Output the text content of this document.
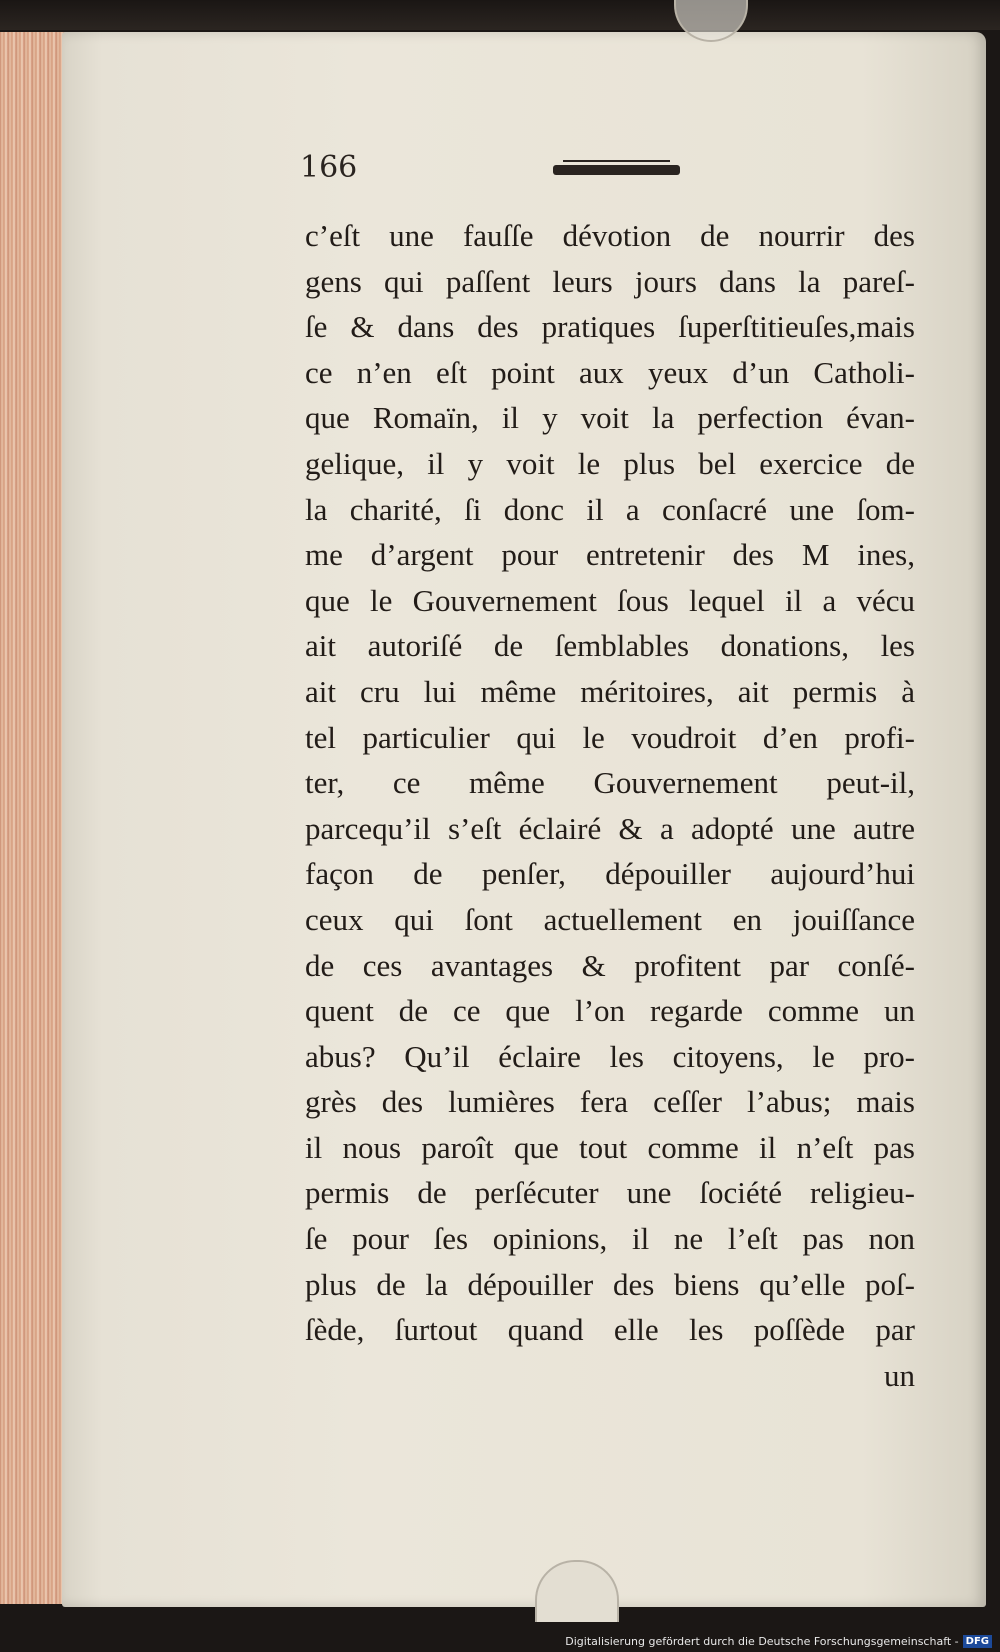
166
c’eſt une fauſſe dévotion de nourrir des
gens qui paſſent leurs jours dans la pareſ-
ſe & dans des pratiques ſuperſtitieuſes,mais
ce n’en eſt point aux yeux d’un Catholi-
que Romaïn, il y voit la perfection évan-
gelique, il y voit le plus bel exercice de
la charité, ſi donc il a conſacré une ſom-
me d’argent pour entretenir des M ines,
que le Gouvernement ſous lequel il a vécu
ait autoriſé de ſemblables donations, les
ait cru lui même méritoires, ait permis à
tel particulier qui le voudroit d’en profi-
ter, ce même Gouvernement peut-il,
parcequ’il s’eſt éclairé & a adopté une autre
façon de penſer, dépouiller aujourd’hui
ceux qui ſont actuellement en jouiſſance
de ces avantages & profitent par conſé-
quent de ce que l’on regarde comme un
abus? Qu’il éclaire les citoyens, le pro-
grès des lumières fera ceſſer l’abus; mais
il nous paroît que tout comme il n’eſt pas
permis de perſécuter une ſociété religieu-
ſe pour ſes opinions, il ne l’eſt pas non
plus de la dépouiller des biens qu’elle poſ-
ſède, ſurtout quand elle les poſſède par
un
Digitalisierung gefördert durch die Deutsche Forschungsgemeinschaft - DFG
